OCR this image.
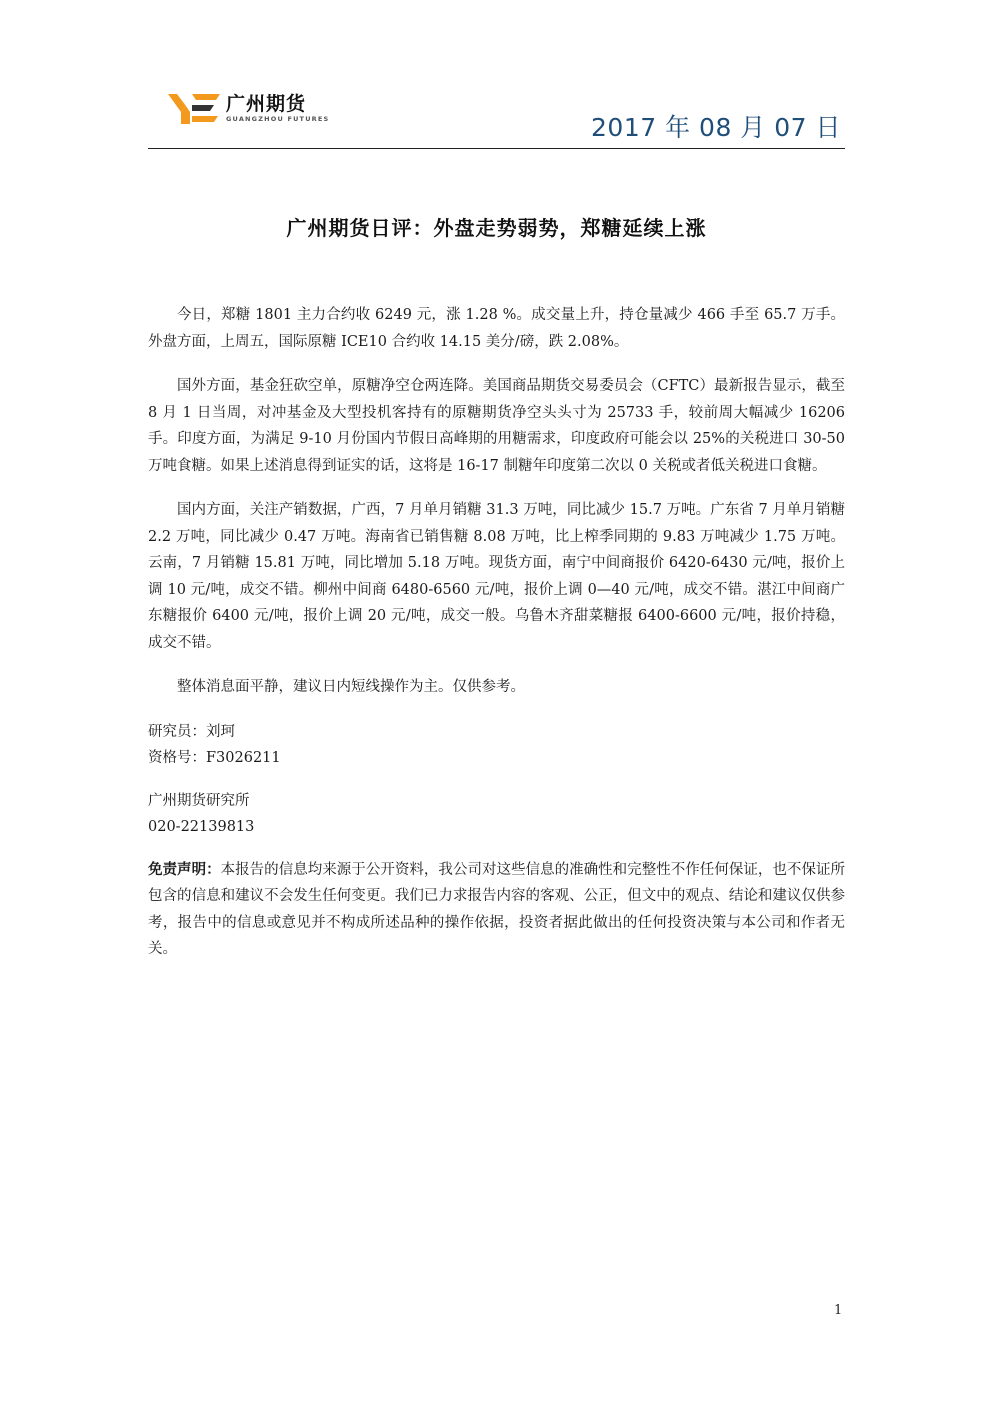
广州期货
GUANGZHOU FUTURES	2017 年 08 月 07 日
广州期货日评：外盘走势弱势，郑糖延续上涨

今日，郑糖 1801 主力合约收 6249 元，涨 1.28 %。成交量上升，持仓量减少 466 手至 65.7 万手。外盘方面，上周五，国际原糖 ICE10 合约收 14.15 美分/磅，跌 2.08%。

国外方面，基金狂砍空单，原糖净空仓两连降。美国商品期货交易委员会（CFTC）最新报告显示，截至 8 月 1 日当周，对冲基金及大型投机客持有的原糖期货净空头头寸为 25733 手，较前周大幅减少 16206 手。印度方面，为满足 9-10 月份国内节假日高峰期的用糖需求，印度政府可能会以 25%的关税进口 30-50 万吨食糖。如果上述消息得到证实的话，这将是 16-17 制糖年印度第二次以 0 关税或者低关税进口食糖。

国内方面，关注产销数据，广西，7 月单月销糖 31.3 万吨，同比减少 15.7 万吨。广东省 7 月单月销糖 2.2 万吨，同比减少 0.47 万吨。海南省已销售糖 8.08 万吨，比上榨季同期的 9.83 万吨减少 1.75 万吨。云南，7 月销糖 15.81 万吨，同比增加 5.18 万吨。现货方面，南宁中间商报价 6420-6430 元/吨，报价上调 10 元/吨，成交不错。柳州中间商 6480-6560 元/吨，报价上调 0—40 元/吨，成交不错。湛江中间商广东糖报价 6400 元/吨，报价上调 20 元/吨，成交一般。乌鲁木齐甜菜糖报 6400-6600 元/吨，报价持稳，成交不错。

整体消息面平静，建议日内短线操作为主。仅供参考。

研究员：刘珂

资格号：F3026211

广州期货研究所

020-22139813

免责声明：本报告的信息均来源于公开资料，我公司对这些信息的准确性和完整性不作任何保证，也不保证所包含的信息和建议不会发生任何变更。我们已力求报告内容的客观、公正，但文中的观点、结论和建议仅供参考，报告中的信息或意见并不构成所述品种的操作依据，投资者据此做出的任何投资决策与本公司和作者无关。

1
